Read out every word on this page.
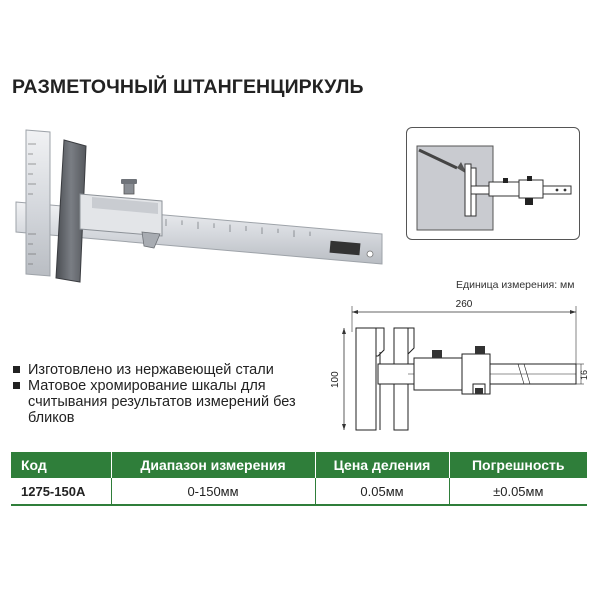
РАЗМЕТОЧНЫЙ ШТАНГЕНЦИРКУЛЬ
Единица измерения: мм
260
100	16
Изготовлено из нержавеющей стали
Матовое хромирование шкалы для считывания результатов измерений без бликов
Код	Диапазон измерения	Цена деления	Погрешность
1275-150A	0-150мм	0.05мм	±0.05мм
